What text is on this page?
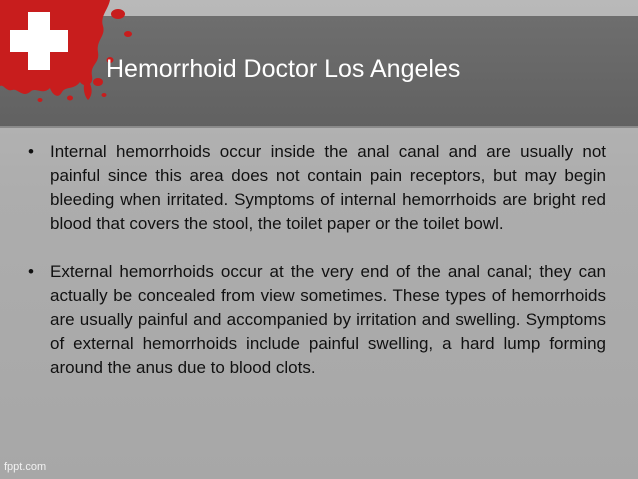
Hemorrhoid Doctor Los Angeles
• Internal hemorrhoids occur inside the anal canal and are usually not painful since this area does not contain pain receptors, but may begin bleeding when irritated. Symptoms of internal hemorrhoids are bright red blood that covers the stool, the toilet paper or the toilet bowl.
• External hemorrhoids occur at the very end of the anal canal; they can actually be concealed from view sometimes. These types of hemorrhoids are usually painful and accompanied by irritation and swelling. Symptoms of external hemorrhoids include painful swelling, a hard lump forming around the anus due to blood clots.
fppt.com
